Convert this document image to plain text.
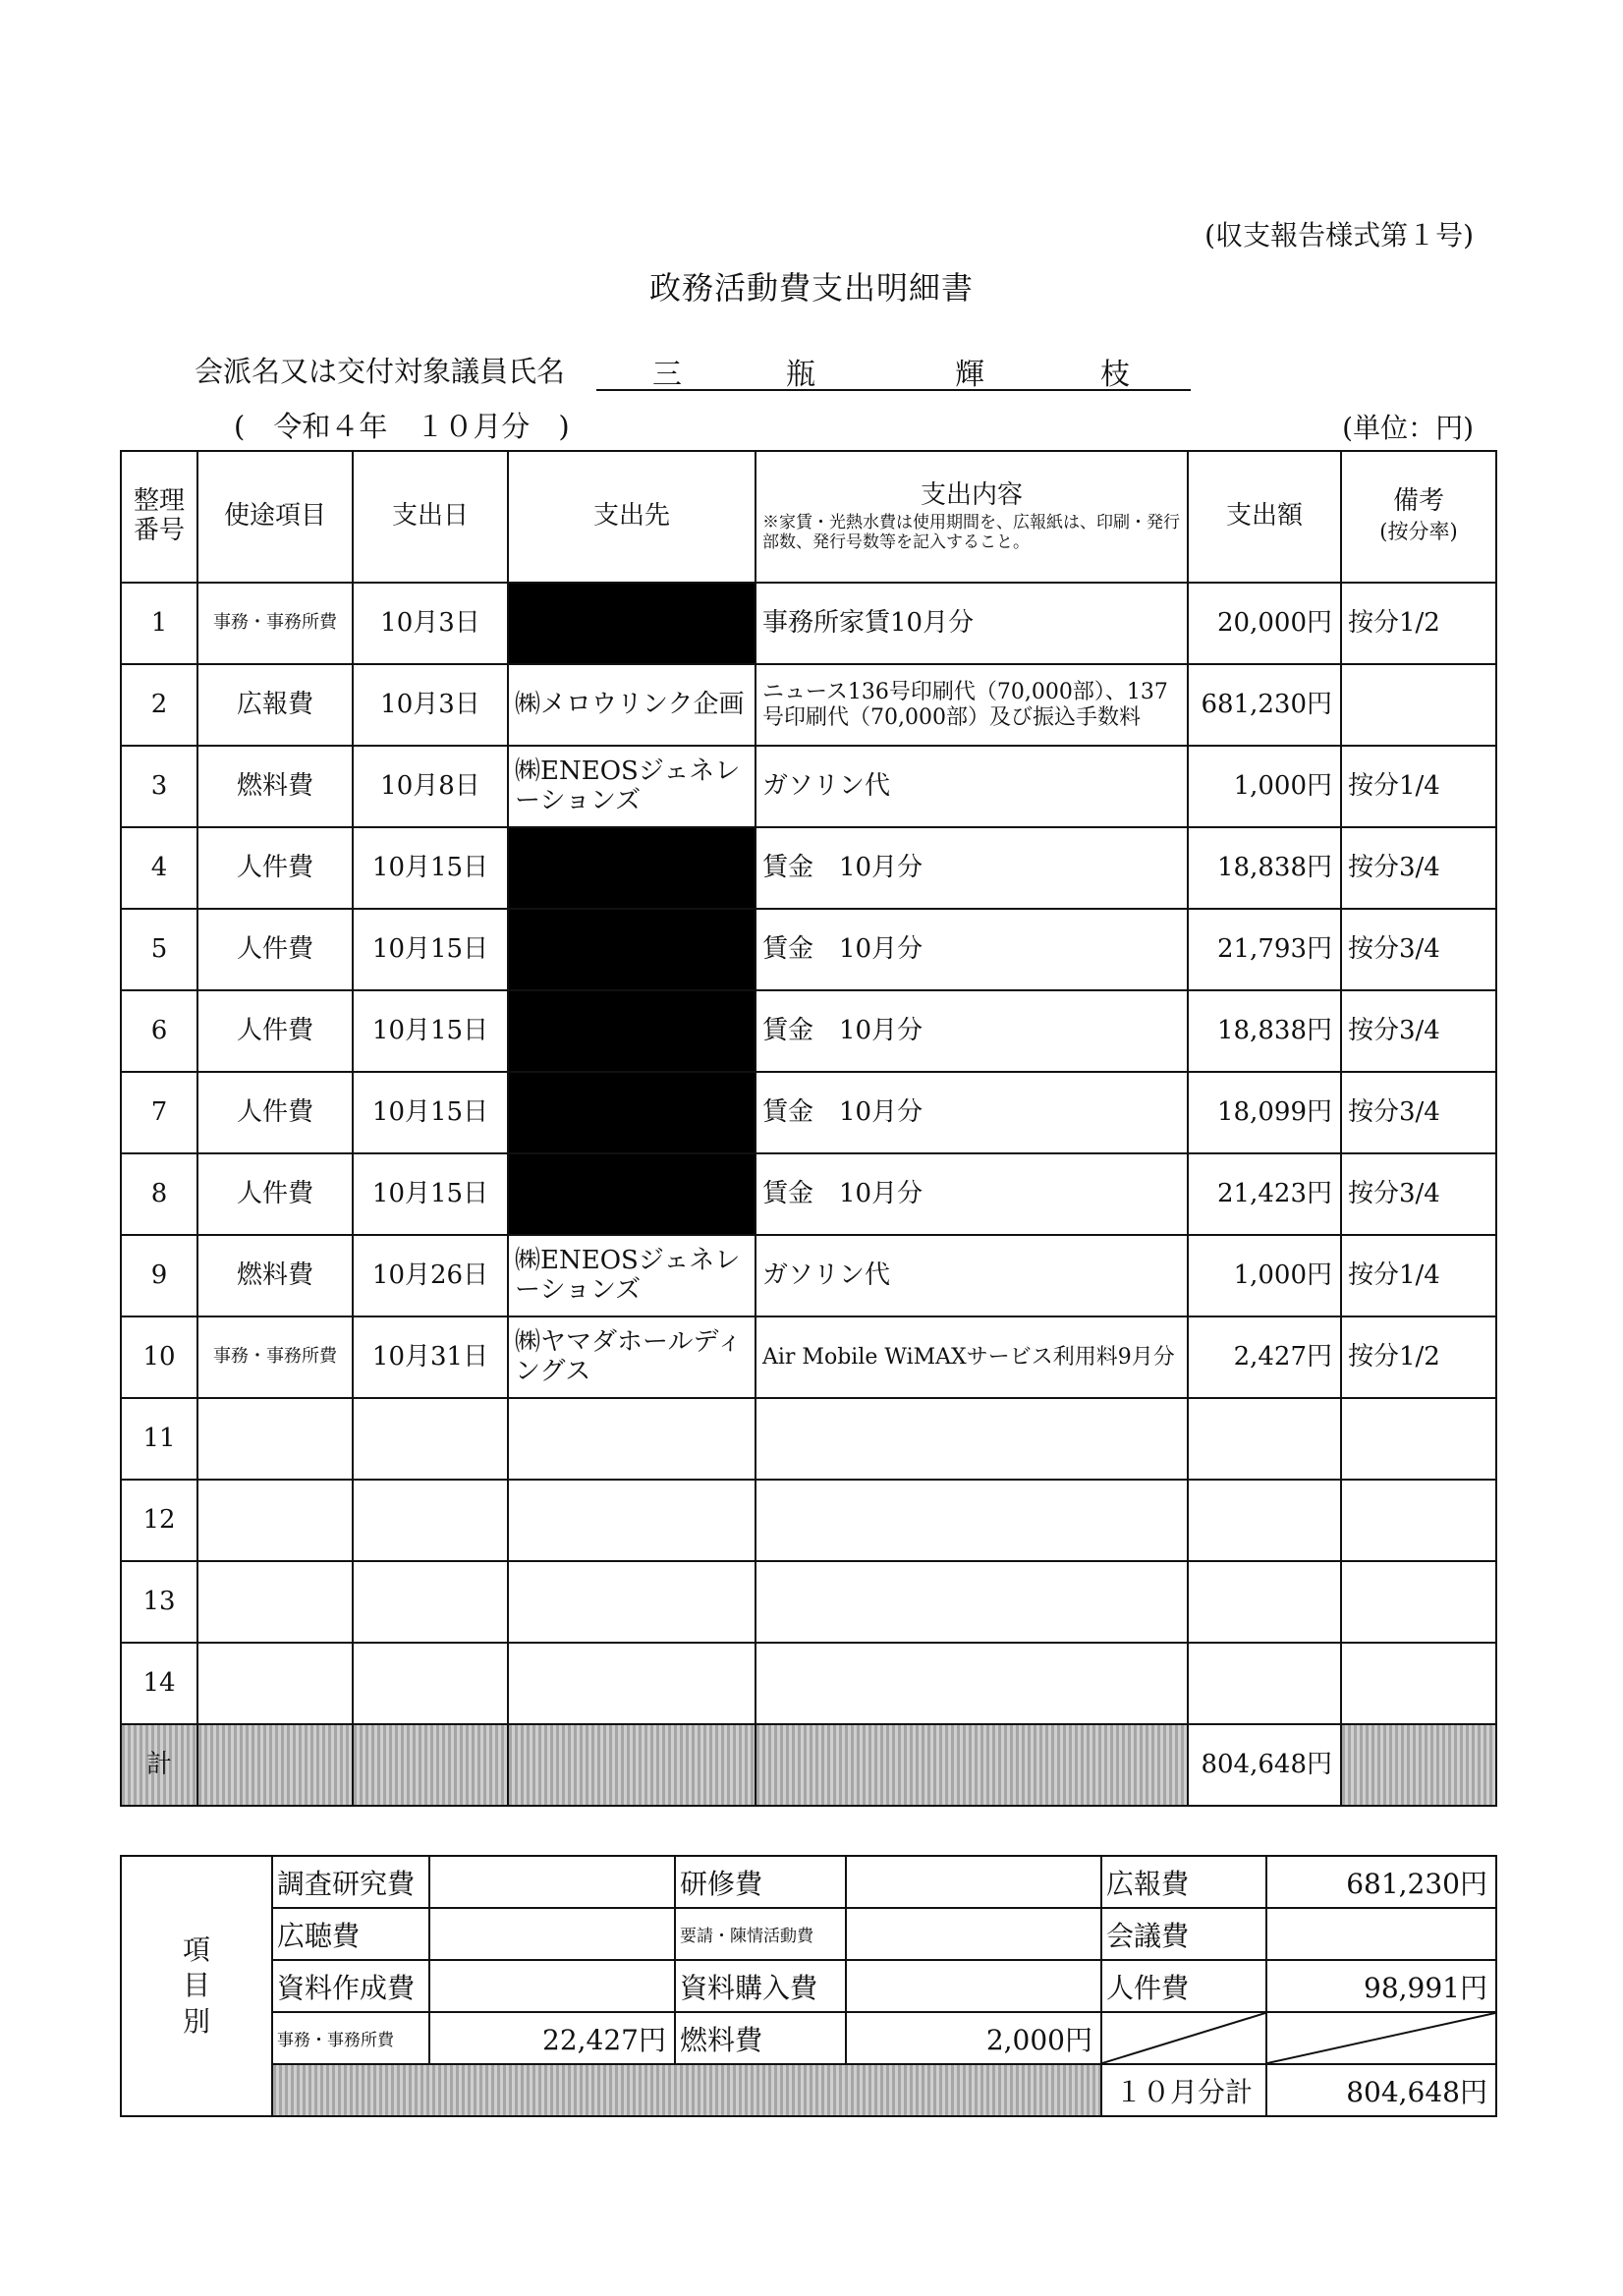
(収支報告様式第１号)
政務活動費支出明細書
会派名又は交付対象議員氏名	三	瓶	輝	枝
(　令和４年　１０月分　)	(単位：円)
整理
番号	使途項目	支出日	支出先	支出内容
※家賃・光熱水費は使用期間を、広報紙は、印刷・発行部数、発行号数等を記入すること。	支出額	備考
(按分率)
1	事務・事務所費	10月3日		事務所家賃10月分	20,000円	按分1/2
2	広報費	10月3日	㈱メロウリンク企画	ニュース136号印刷代（70,000部）、137号印刷代（70,000部）及び振込手数料	681,230円	
3	燃料費	10月8日	㈱ENEOSジェネレーションズ	ガソリン代	1,000円	按分1/4
4	人件費	10月15日		賃金　10月分	18,838円	按分3/4
5	人件費	10月15日		賃金　10月分	21,793円	按分3/4
6	人件費	10月15日		賃金　10月分	18,838円	按分3/4
7	人件費	10月15日		賃金　10月分	18,099円	按分3/4
8	人件費	10月15日		賃金　10月分	21,423円	按分3/4
9	燃料費	10月26日	㈱ENEOSジェネレーションズ	ガソリン代	1,000円	按分1/4
10	事務・事務所費	10月31日	㈱ヤマダホールディングス	Air Mobile WiMAXサービス利用料9月分	2,427円	按分1/2
11						
12						
13						
14						
計					804,648円	
項
目
別	調査研究費		研修費		広報費	681,230円
	広聴費		要請・陳情活動費		会議費	
	資料作成費		資料購入費		人件費	98,991円
	事務・事務所費	22,427円	燃料費	2,000円	

					１０月分計	804,648円
